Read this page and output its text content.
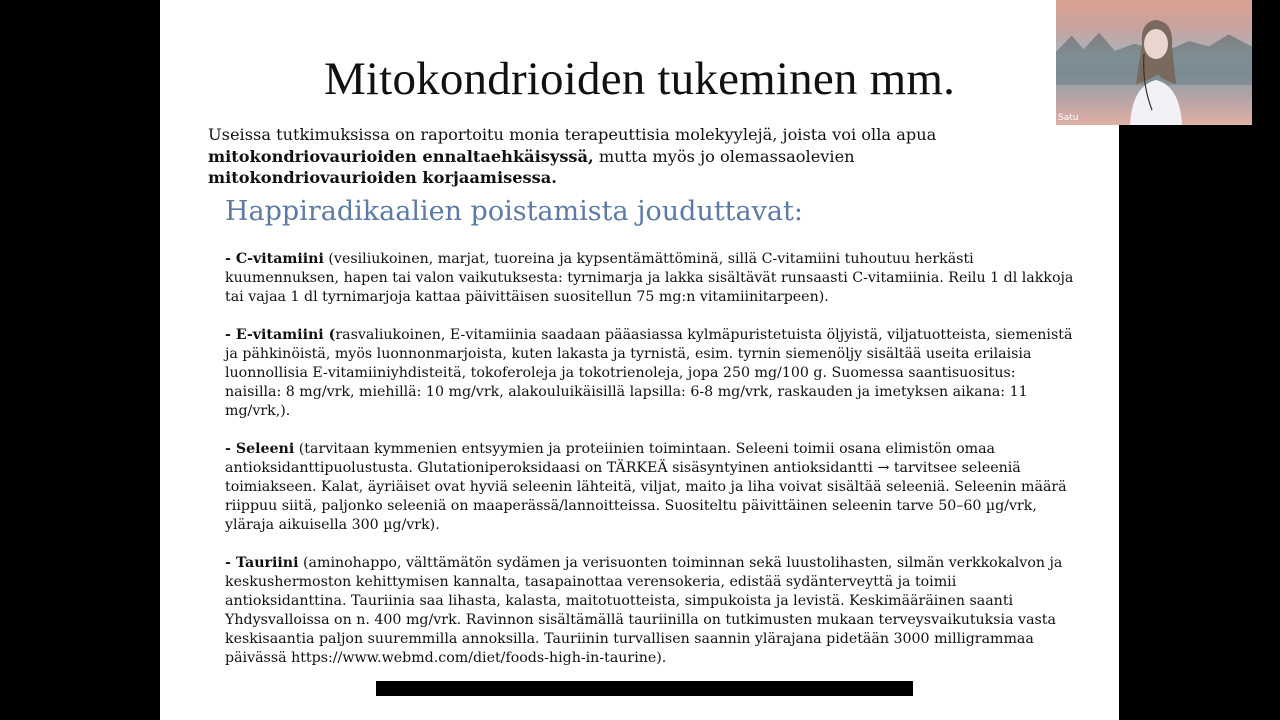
Mitokondrioiden tukeminen mm.
Useissa tutkimuksissa on raportoitu monia terapeuttisia molekyylejä, joista voi olla apua mitokondriovaurioiden ennaltaehkäisyssä, mutta myös jo olemassaolevien mitokondriovaurioiden korjaamisessa.
Happiradikaalien poistamista jouduttavat:

- C-vitamiini (vesiliukoinen, marjat, tuoreina ja kypsentämättöminä, sillä C-vitamiini tuhoutuu herkästi kuumennuksen, hapen tai valon vaikutuksesta: tyrnimarja ja lakka sisältävät runsaasti C-vitamiinia. Reilu 1 dl lakkoja tai vajaa 1 dl tyrnimarjoja kattaa päivittäisen suositellun 75 mg:n vitamiinitarpeen).

- E-vitamiini (rasvaliukoinen, E-vitamiinia saadaan pääasiassa kylmäpuristetuista öljyistä, viljatuotteista, siemenistä ja pähkinöistä, myös luonnonmarjoista, kuten lakasta ja tyrnistä, esim. tyrnin siemenöljy sisältää useita erilaisia luonnollisia E-vitamiiniyhdisteitä, tokoferoleja ja tokotrienoleja, jopa 250 mg/100 g. Suomessa saantisuositus: naisilla: 8 mg/vrk, miehillä: 10 mg/vrk, alakouluikäisillä lapsilla: 6-8 mg/vrk, raskauden ja imetyksen aikana: 11 mg/vrk,).

- Seleeni (tarvitaan kymmenien entsyymien ja proteiinien toimintaan. Seleeni toimii osana elimistön omaa antioksidanttipuolustusta. Glutationiperoksidaasi on TÄRKEÄ sisäsyntyinen antioksidantti → tarvitsee seleeniä toimiakseen. Kalat, äyriäiset ovat hyviä seleenin lähteitä, viljat, maito ja liha voivat sisältää seleeniä. Seleenin määrä riippuu siitä, paljonko seleeniä on maaperässä/lannoitteissa. Suositeltu päivittäinen seleenin tarve 50–60 µg/vrk, yläraja aikuisella 300 µg/vrk).

- Tauriini (aminohappo, välttämätön sydämen ja verisuonten toiminnan sekä luustolihasten, silmän verkkokalvon ja keskushermoston kehittymisen kannalta, tasapainottaa verensokeria, edistää sydänterveyttä ja toimii antioksidanttina. Tauriinia saa lihasta, kalasta, maitotuotteista, simpukoista ja levistä. Keskimääräinen saanti Yhdysvalloissa on n. 400 mg/vrk. Ravinnon sisältämällä tauriinilla on tutkimusten mukaan terveysvaikutuksia vasta keskisaantia paljon suuremmilla annoksilla. Tauriinin turvallisen saannin ylärajana pidetään 3000 milligrammaa päivässä https://www.webmd.com/diet/foods-high-in-taurine).

Satu
